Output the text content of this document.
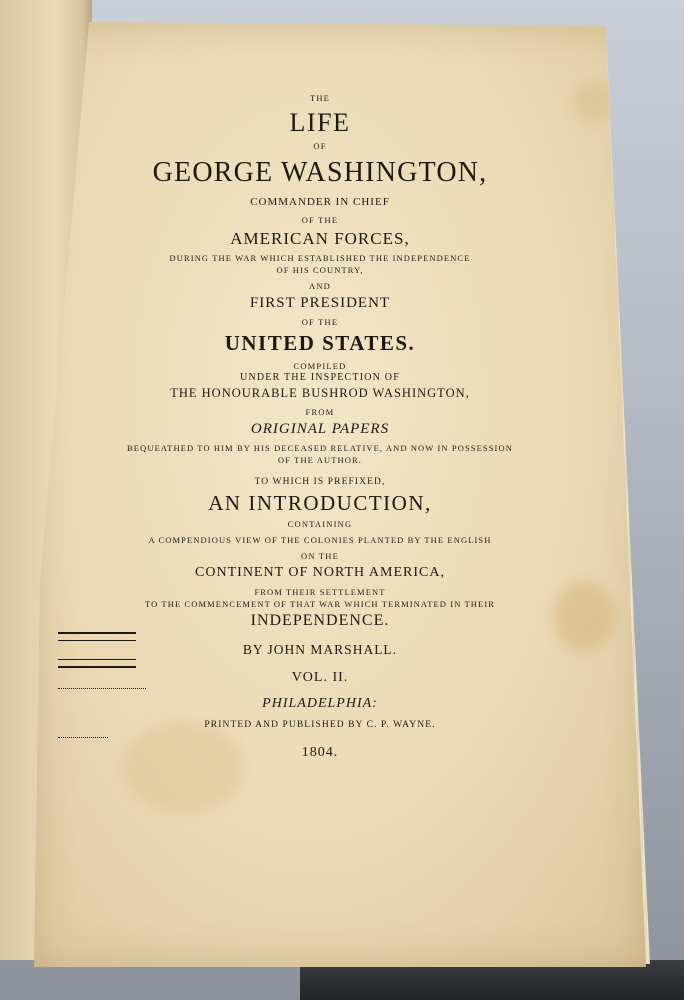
THE
LIFE
OF
GEORGE WASHINGTON,
COMMANDER IN CHIEF
OF THE
AMERICAN FORCES,
DURING THE WAR WHICH ESTABLISHED THE INDEPENDENCE
OF HIS COUNTRY,
AND
FIRST PRESIDENT
OF THE
UNITED STATES.
COMPILED
UNDER THE INSPECTION OF
THE HONOURABLE BUSHROD WASHINGTON,
FROM
ORIGINAL PAPERS
BEQUEATHED TO HIM BY HIS DECEASED RELATIVE, AND NOW IN POSSESSION
OF THE AUTHOR.
TO WHICH IS PREFIXED,
AN INTRODUCTION,
CONTAINING
A COMPENDIOUS VIEW OF THE COLONIES PLANTED BY THE ENGLISH
ON THE
CONTINENT OF NORTH AMERICA,
FROM THEIR SETTLEMENT
TO THE COMMENCEMENT OF THAT WAR WHICH TERMINATED IN THEIR
INDEPENDENCE.
BY JOHN MARSHALL.
VOL. II.
PHILADELPHIA:
PRINTED AND PUBLISHED BY C. P. WAYNE.
1804.
